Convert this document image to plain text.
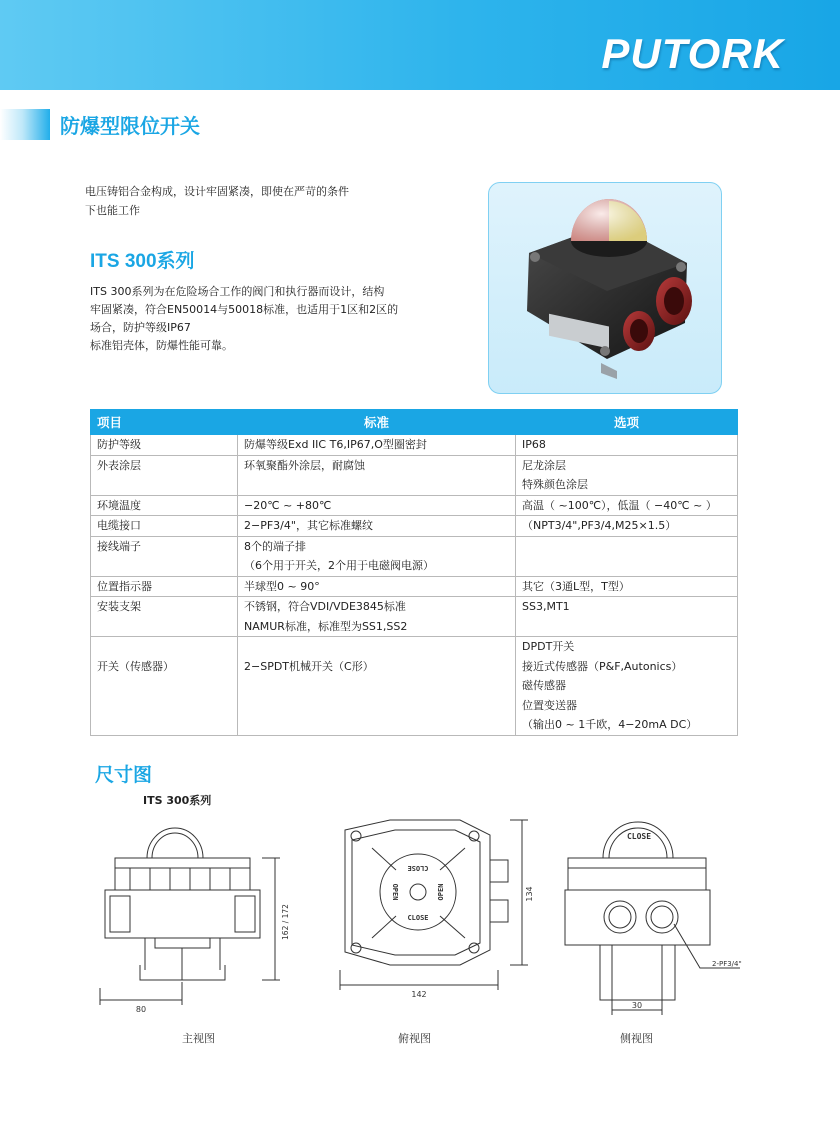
PUTORK
防爆型限位开关
电压铸铝合金构成，设计牢固紧凑，即使在严苛的条件
下也能工作
ITS 300系列
ITS 300系列为在危险场合工作的阀门和执行器而设计，结构
牢固紧凑，符合EN50014与50018标准，也适用于1区和2区的
场合，防护等级IP67
标准铝壳体，防爆性能可靠。
项目	标准	选项

防护等级	防爆等级Exd IIC T6,IP67,O型圈密封	IP68

外表涂层	环氧聚酯外涂层，耐腐蚀	尼龙涂层
特殊颜色涂层

环境温度	−20℃ ~ +80℃	高温（ ~100℃），低温（ −40℃ ~ ）

电缆接口	2−PF3/4"，其它标准螺纹	（NPT3/4",PF3/4,M25×1.5）

接线端子	8个的端子排
（6个用于开关，2个用于电磁阀电源）	

位置指示器	半球型0 ~ 90°	其它（3通L型，T型）

安装支架	不锈钢，符合VDI/VDE3845标准
NAMUR标准，标准型为SS1,SS2	SS3,MT1

开关（传感器）	2−SPDT机械开关（C形）	DPDT开关
接近式传感器（P&F,Autonics）
磁传感器
位置变送器
（输出0 ~ 1千欧，4−20mA DC）
尺寸图
ITS 300系列
80
162 / 172
CLOSE
CLOSE
OPEN	OPEN
142
134
CLOSE
2-PF3/4"
30
主视图	俯视图	侧视图
